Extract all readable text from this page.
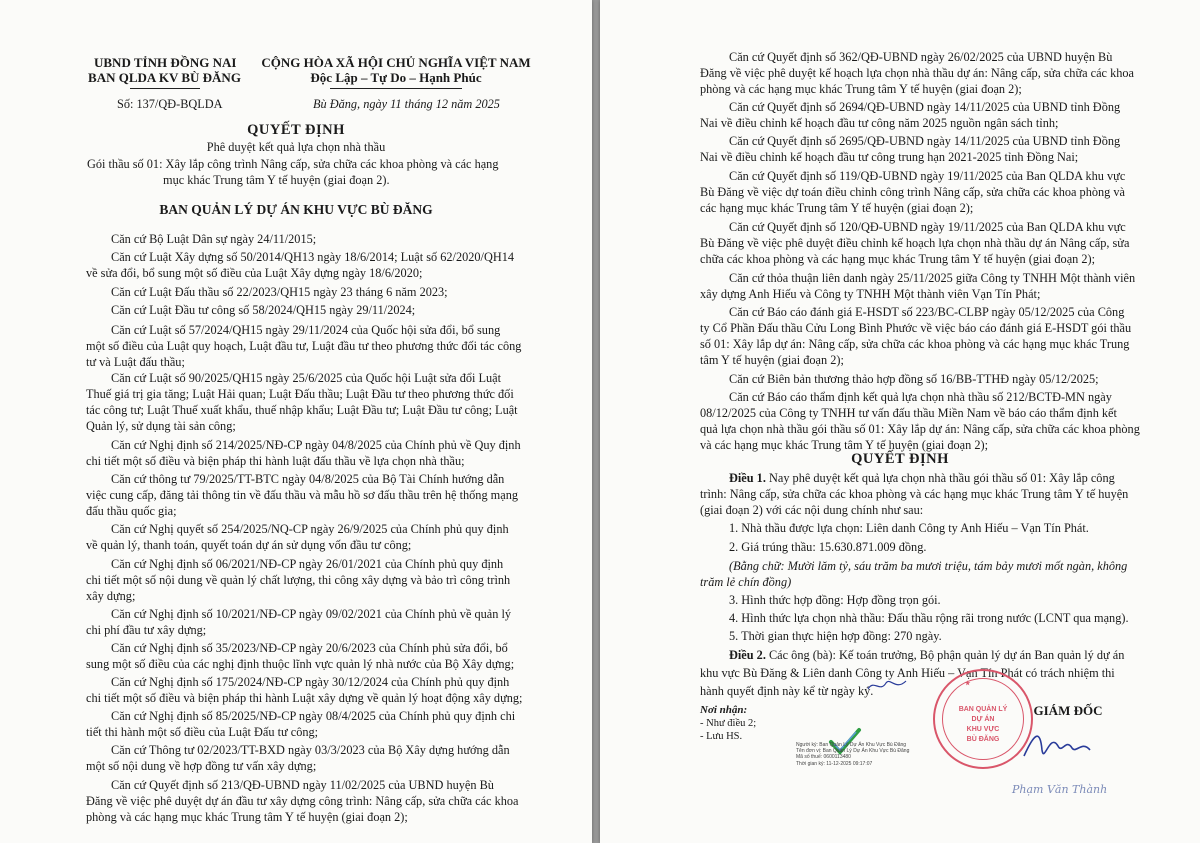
UBND TỈNH ĐỒNG NAI
BAN QLDA KV BÙ ĐĂNG
CỘNG HÒA XÃ HỘI CHỦ NGHĨA VIỆT NAM
Độc Lập – Tự Do – Hạnh Phúc
Số: 137/QĐ-BQLDA	Bù Đăng, ngày 11 tháng 12 năm 2025
QUYẾT ĐỊNH
Phê duyệt kết quả lựa chọn nhà thầu
Gói thầu số 01: Xây lắp công trình Nâng cấp, sửa chữa các khoa phòng và các hạng
mục khác Trung tâm Y tế huyện (giai đoạn 2).
BAN QUẢN LÝ DỰ ÁN KHU VỰC BÙ ĐĂNG
Căn cứ Bộ Luật Dân sự ngày 24/11/2015;
Căn cứ Luật Xây dựng số 50/2014/QH13 ngày 18/6/2014; Luật số 62/2020/QH14
về sửa đổi, bổ sung một số điều của Luật Xây dựng ngày 18/6/2020;
Căn cứ Luật Đấu thầu số 22/2023/QH15 ngày 23 tháng 6 năm 2023;
Căn cứ Luật Đầu tư công số 58/2024/QH15 ngày 29/11/2024;
Căn cứ Luật số 57/2024/QH15 ngày 29/11/2024 của Quốc hội sửa đổi, bổ sung
một số điều của Luật quy hoạch, Luật đầu tư, Luật đầu tư theo phương thức đối tác công
tư và Luật đấu thầu;
Căn cứ Luật số 90/2025/QH15 ngày 25/6/2025 của Quốc hội Luật sửa đổi Luật
Thuế giá trị gia tăng; Luật Hải quan; Luật Đấu thầu; Luật Đầu tư theo phương thức đối
tác công tư; Luật Thuế xuất khẩu, thuế nhập khẩu; Luật Đầu tư; Luật Đầu tư công; Luật
Quản lý, sử dụng tài sản công;
Căn cứ Nghị định số 214/2025/NĐ-CP ngày 04/8/2025 của Chính phủ về Quy định
chi tiết một số điều và biện pháp thi hành luật đấu thầu về lựa chọn nhà thầu;
Căn cứ thông tư 79/2025/TT-BTC ngày 04/8/2025 của Bộ Tài Chính hướng dẫn
việc cung cấp, đăng tải thông tin về đấu thầu và mẫu hồ sơ đấu thầu trên hệ thống mạng
đấu thầu quốc gia;
Căn cứ Nghị quyết số 254/2025/NQ-CP ngày 26/9/2025 của Chính phủ quy định
về quản lý, thanh toán, quyết toán dự án sử dụng vốn đầu tư công;
Căn cứ Nghị định số 06/2021/NĐ-CP ngày 26/01/2021 của Chính phủ quy định
chi tiết một số nội dung về quản lý chất lượng, thi công xây dựng và bảo trì công trình
xây dựng;
Căn cứ Nghị định số 10/2021/NĐ-CP ngày 09/02/2021 của Chính phủ về quản lý
chi phí đầu tư xây dựng;
Căn cứ Nghị định số 35/2023/NĐ-CP ngày 20/6/2023 của Chính phủ sửa đổi, bổ
sung một số điều của các nghị định thuộc lĩnh vực quản lý nhà nước của Bộ Xây dựng;
Căn cứ Nghị định số 175/2024/NĐ-CP ngày 30/12/2024 của Chính phủ quy định
chi tiết một số điều và biện pháp thi hành Luật xây dựng về quản lý hoạt động xây dựng;
Căn cứ Nghị định số 85/2025/NĐ-CP ngày 08/4/2025 của Chính phủ quy định chi
tiết thi hành một số điều của Luật Đấu tư công;
Căn cứ Thông tư 02/2023/TT-BXD ngày 03/3/2023 của Bộ Xây dựng hướng dẫn
một số nội dung về hợp đồng tư vấn xây dựng;
Căn cứ Quyết định số 213/QĐ-UBND ngày 11/02/2025 của UBND huyện Bù
Đăng về việc phê duyệt dự án đầu tư xây dựng công trình: Nâng cấp, sửa chữa các khoa
phòng và các hạng mục khác Trung tâm Y tế huyện (giai đoạn 2);
Căn cứ Quyết định số 362/QĐ-UBND ngày 26/02/2025 của UBND huyện Bù
Đăng về việc phê duyệt kế hoạch lựa chọn nhà thầu dự án: Nâng cấp, sửa chữa các khoa
phòng và các hạng mục khác Trung tâm Y tế huyện (giai đoạn 2);
Căn cứ Quyết định số 2694/QĐ-UBND ngày 14/11/2025 của UBND tỉnh Đồng
Nai về điều chỉnh kế hoạch đầu tư công năm 2025 nguồn ngân sách tỉnh;
Căn cứ Quyết định số 2695/QĐ-UBND ngày 14/11/2025 của UBND tỉnh Đồng
Nai về điều chỉnh kế hoạch đầu tư công trung hạn 2021-2025 tỉnh Đồng Nai;
Căn cứ Quyết định số 119/QĐ-UBND ngày 19/11/2025 của Ban QLDA khu vực
Bù Đăng về việc dự toán điều chỉnh công trình Nâng cấp, sửa chữa các khoa phòng và
các hạng mục khác Trung tâm Y tế huyện (giai đoạn 2);
Căn cứ Quyết định số 120/QĐ-UBND ngày 19/11/2025 của Ban QLDA khu vực
Bù Đăng về việc phê duyệt điều chỉnh kế hoạch lựa chọn nhà thầu dự án Nâng cấp, sửa
chữa các khoa phòng và các hạng mục khác Trung tâm Y tế huyện (giai đoạn 2);
Căn cứ thỏa thuận liên danh ngày 25/11/2025 giữa Công ty TNHH Một thành viên
xây dựng Anh Hiếu và Công ty TNHH Một thành viên Vạn Tín Phát;
Căn cứ Báo cáo đánh giá E-HSDT số 223/BC-CLBP ngày 05/12/2025 của Công
ty Cổ Phần Đấu thầu Cửu Long Bình Phước về việc báo cáo đánh giá E-HSDT gói thầu
số 01: Xây lắp dự án: Nâng cấp, sửa chữa các khoa phòng và các hạng mục khác Trung
tâm Y tế huyện (giai đoạn 2);
Căn cứ Biên bản thương thảo hợp đồng số 16/BB-TTHĐ ngày 05/12/2025;
Căn cứ Báo cáo thẩm định kết quả lựa chọn nhà thầu số 212/BCTĐ-MN ngày
08/12/2025 của Công ty TNHH tư vấn đấu thầu Miền Nam về báo cáo thẩm định kết
quả lựa chọn nhà thầu gói thầu số 01: Xây lắp dự án: Nâng cấp, sửa chữa các khoa phòng
và các hạng mục khác Trung tâm Y tế huyện (giai đoạn 2);
QUYẾT ĐỊNH
Điều 1. Nay phê duyệt kết quả lựa chọn nhà thầu gói thầu số 01: Xây lắp công
trình: Nâng cấp, sửa chữa các khoa phòng và các hạng mục khác Trung tâm Y tế huyện
(giai đoạn 2) với các nội dung chính như sau:
1. Nhà thầu được lựa chọn: Liên danh Công ty Anh Hiếu – Vạn Tín Phát.
2. Giá trúng thầu: 15.630.871.009 đồng.
(Bằng chữ: Mười lăm tỷ, sáu trăm ba mươi triệu, tám bảy mươi mốt ngàn, không
trăm lẻ chín đồng)
3. Hình thức hợp đồng: Hợp đồng trọn gói.
4. Hình thức lựa chọn nhà thầu: Đấu thầu rộng rãi trong nước (LCNT qua mạng).
5. Thời gian thực hiện hợp đồng: 270 ngày.
Điều 2. Các ông (bà): Kế toán trưởng, Bộ phận quản lý dự án Ban quản lý dự án
khu vực Bù Đăng & Liên danh Công ty Anh Hiếu – Vạn Tín Phát có trách nhiệm thi
hành quyết định này kể từ ngày ký.
Nơi nhận:
- Như điều 2;
- Lưu HS.
Người ký: Ban Quản Lý Dự Án Khu Vực Bù Đăng
Tên đơn vị: Ban Quản Lý Dự Án Khu Vực Bù Đăng
Mã số thuế: 0600113480
Thời gian ký: 11-12-2025 09:17:07
GIÁM ĐỐC
BAN QUẢN LÝ
DỰ ÁN
KHU VỰC
BÙ ĐĂNG
★
Phạm Văn Thành
